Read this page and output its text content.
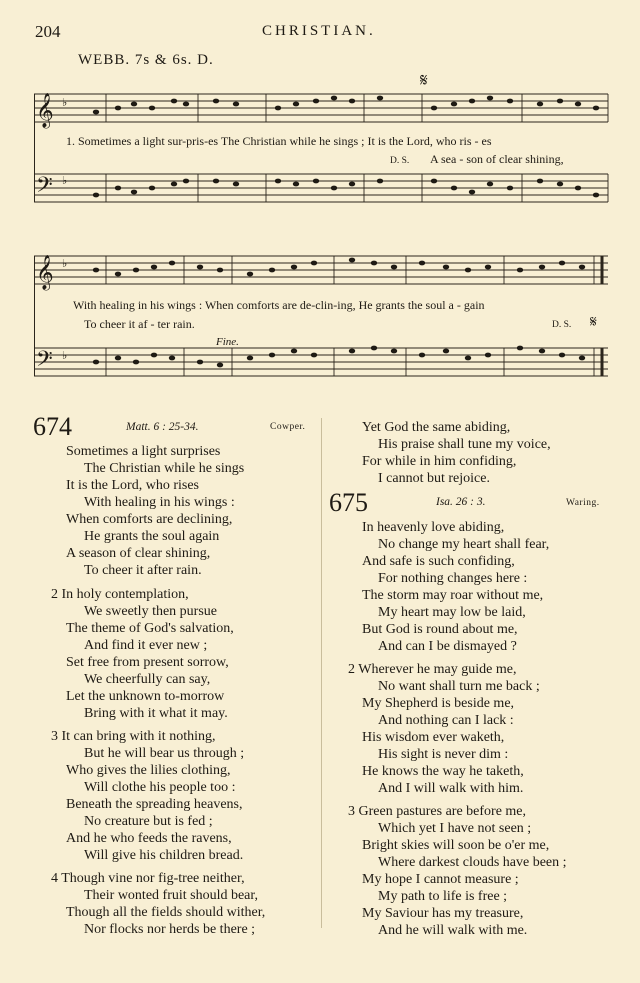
204	CHRISTIAN.
WEBB. 7s & 6s. D.
𝄋
𝄞
𝄢
♭
♭
1. Sometimes a light sur-pris-es The Christian while he sings ; It is the Lord, who ris - es
D. S. A sea - son of clear shining,
𝄞
𝄢
♭
♭
With healing in his wings : When comforts are de-clin-ing, He grants the soul a - gain
To cheer it af - ter rain.	D. S. 𝄋
Fine.
674	Matt. 6 : 25-34.	Cowper.
Sometimes a light surprises
The Christian while he sings
It is the Lord, who rises
With healing in his wings :
When comforts are declining,
He grants the soul again
A season of clear shining,
To cheer it after rain.
2 In holy contemplation,
We sweetly then pursue
The theme of God's salvation,
And find it ever new ;
Set free from present sorrow,
We cheerfully can say,
Let the unknown to-morrow
Bring with it what it may.
3 It can bring with it nothing,
But he will bear us through ;
Who gives the lilies clothing,
Will clothe his people too :
Beneath the spreading heavens,
No creature but is fed ;
And he who feeds the ravens,
Will give his children bread.
4 Though vine nor fig-tree neither,
Their wonted fruit should bear,
Though all the fields should wither,
Nor flocks nor herds be there ;
Yet God the same abiding,
His praise shall tune my voice,
For while in him confiding,
I cannot but rejoice.
675	Isa. 26 : 3.	Waring.
In heavenly love abiding,
No change my heart shall fear,
And safe is such confiding,
For nothing changes here :
The storm may roar without me,
My heart may low be laid,
But God is round about me,
And can I be dismayed ?
2 Wherever he may guide me,
No want shall turn me back ;
My Shepherd is beside me,
And nothing can I lack :
His wisdom ever waketh,
His sight is never dim :
He knows the way he taketh,
And I will walk with him.
3 Green pastures are before me,
Which yet I have not seen ;
Bright skies will soon be o'er me,
Where darkest clouds have been ;
My hope I cannot measure ;
My path to life is free ;
My Saviour has my treasure,
And he will walk with me.
